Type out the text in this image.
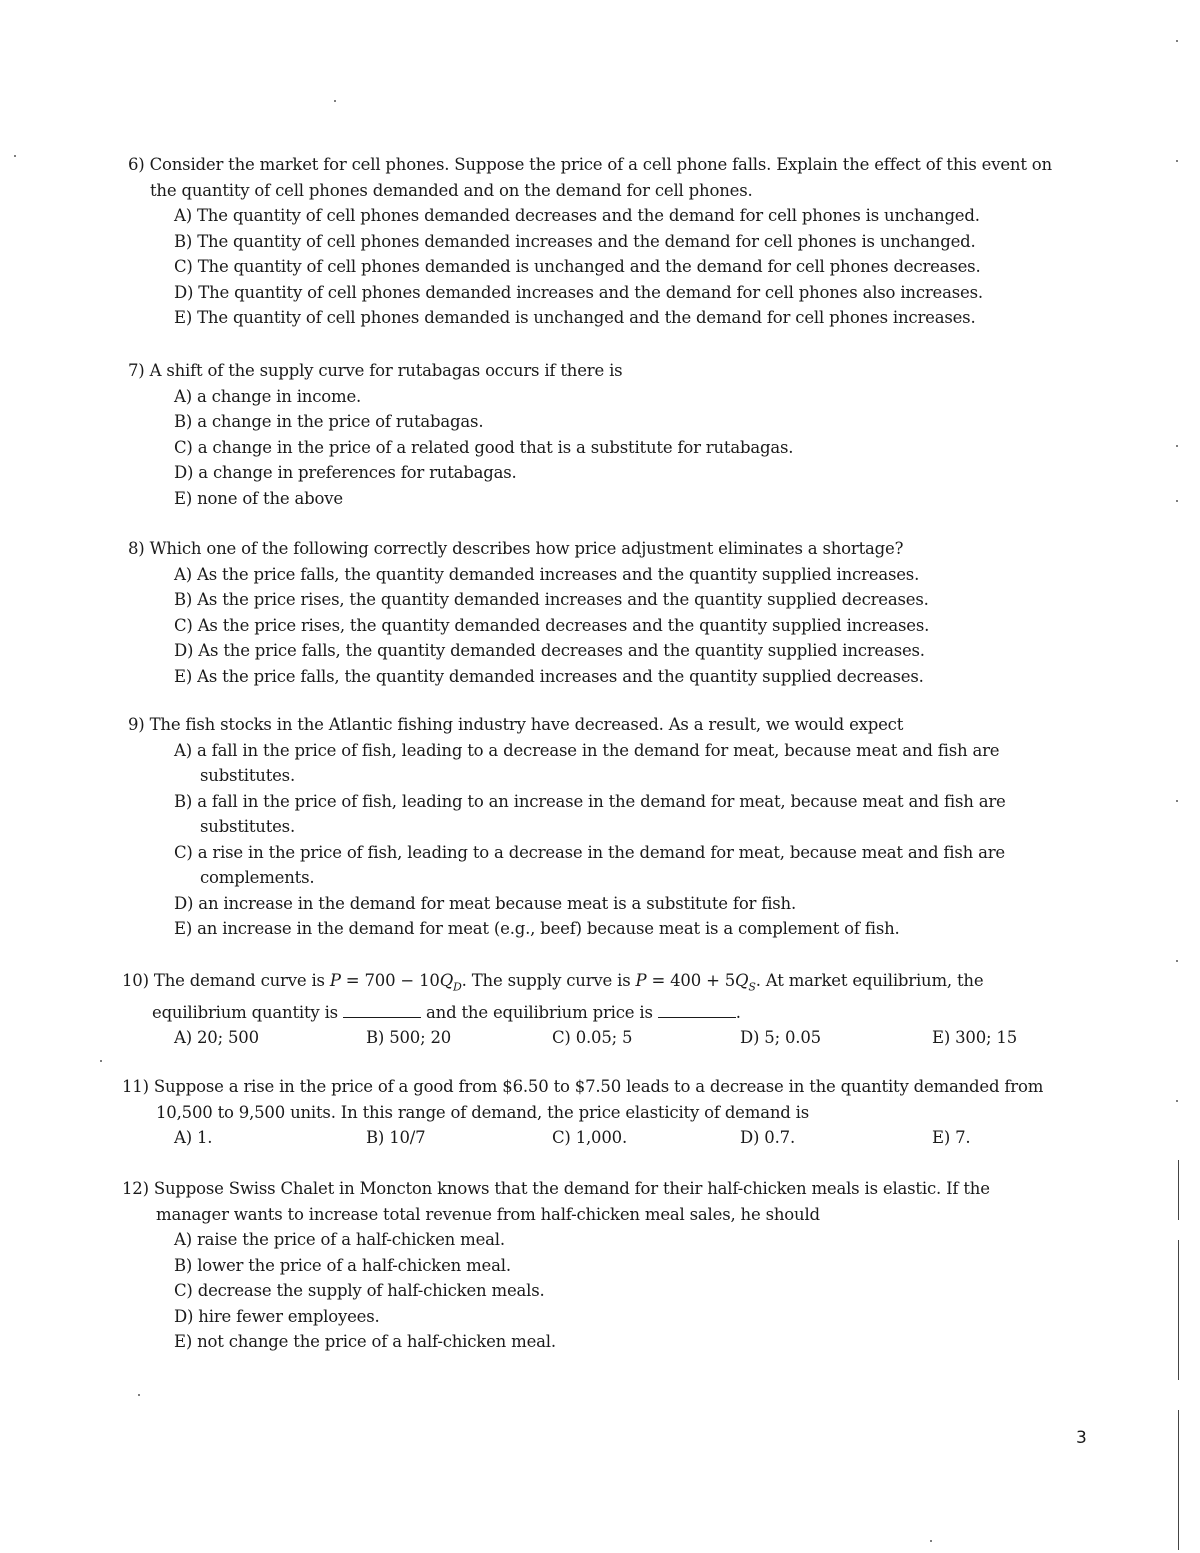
6) Consider the market for cell phones. Suppose the price of a cell phone falls. Explain the effect of this event on
the quantity of cell phones demanded and on the demand for cell phones.
A) The quantity of cell phones demanded decreases and the demand for cell phones is unchanged.
B) The quantity of cell phones demanded increases and the demand for cell phones is unchanged.
C) The quantity of cell phones demanded is unchanged and the demand for cell phones decreases.
D) The quantity of cell phones demanded increases and the demand for cell phones also increases.
E) The quantity of cell phones demanded is unchanged and the demand for cell phones increases.
7) A shift of the supply curve for rutabagas occurs if there is
A) a change in income.
B) a change in the price of rutabagas.
C) a change in the price of a related good that is a substitute for rutabagas.
D) a change in preferences for rutabagas.
E) none of the above
8) Which one of the following correctly describes how price adjustment eliminates a shortage?
A) As the price falls, the quantity demanded increases and the quantity supplied increases.
B) As the price rises, the quantity demanded increases and the quantity supplied decreases.
C) As the price rises, the quantity demanded decreases and the quantity supplied increases.
D) As the price falls, the quantity demanded decreases and the quantity supplied increases.
E) As the price falls, the quantity demanded increases and the quantity supplied decreases.
9) The fish stocks in the Atlantic fishing industry have decreased. As a result, we would expect
A) a fall in the price of fish, leading to a decrease in the demand for meat, because meat and fish are
substitutes.
B) a fall in the price of fish, leading to an increase in the demand for meat, because meat and fish are
substitutes.
C) a rise in the price of fish, leading to a decrease in the demand for meat, because meat and fish are
complements.
D) an increase in the demand for meat because meat is a substitute for fish.
E) an increase in the demand for meat (e.g., beef) because meat is a complement of fish.
10) The demand curve is $P = 700 - 10Q_D$. The supply curve is $P = 400 + 5Q_S$. At market equilibrium, the
equilibrium quantity is	and the equilibrium price is	.
A) 20; 500	B) 500; 20	C) 0.05; 5	D) 5; 0.05	E) 300; 15
11) Suppose a rise in the price of a good from $6.50 to $7.50 leads to a decrease in the quantity demanded from
10,500 to 9,500 units. In this range of demand, the price elasticity of demand is
A) 1.	B) 10/7	C) 1,000.	D) 0.7.	E) 7.
12) Suppose Swiss Chalet in Moncton knows that the demand for their half-chicken meals is elastic. If the
manager wants to increase total revenue from half-chicken meal sales, he should
A) raise the price of a half-chicken meal.
B) lower the price of a half-chicken meal.
C) decrease the supply of half-chicken meals.
D) hire fewer employees.
E) not change the price of a half-chicken meal.
3
